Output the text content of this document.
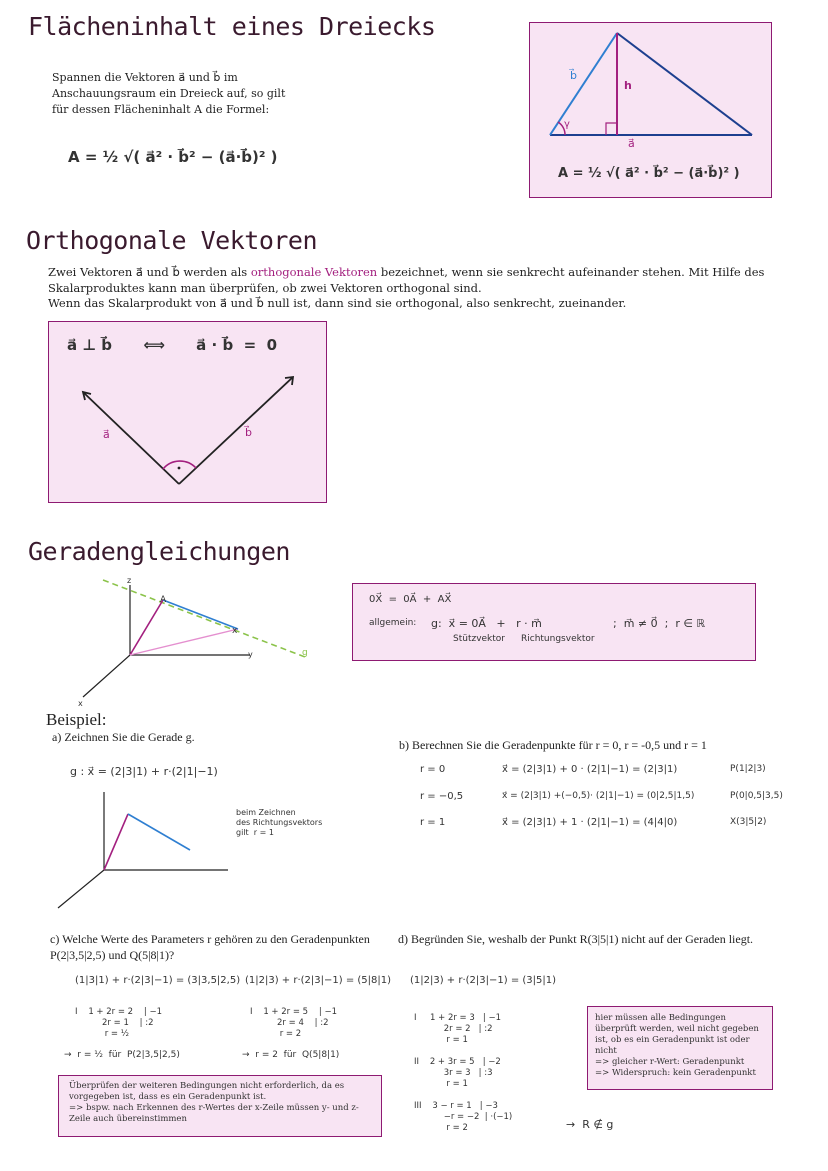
Flächeninhalt eines Dreiecks
Spannen die Vektoren a⃗ und b⃗ im Anschauungsraum ein Dreieck auf, so gilt für dessen Flächeninhalt A die Formel:
A = ½ √( a⃗² · b⃗² − (a⃗·b⃗)² )
h
b⃗
a⃗
γ
A = ½ √( a⃗² · b⃗² − (a⃗·b⃗)² )
Orthogonale Vektoren
Zwei Vektoren a⃗ und b⃗ werden als orthogonale Vektoren bezeichnet, wenn sie senkrecht aufeinander stehen. Mit Hilfe des Skalarproduktes kann man überprüfen, ob zwei Vektoren orthogonal sind.
Wenn das Skalarprodukt von a⃗ und b⃗ null ist, dann sind sie orthogonal, also senkrecht, zueinander.
a⃗ ⊥ b⃗      ⟺      a⃗ · b⃗  =  0
a⃗	b⃗
Geradengleichungen
A
x
g
z
y
x
0X⃗  =  0A⃗  +  AX⃗
allgemein: g:  x⃗ = 0A⃗   +   r · m⃗	;  m⃗ ≠ 0⃗  ;  r ∈ ℝ
Stützvektor Richtungsvektor
Beispiel:
a) Zeichnen Sie die Gerade g.
g : x⃗ = (2|3|1) + r·(2|1|−1)
beim Zeichnen
des Richtungsvektors
gilt  r = 1
b) Berechnen Sie die Geradenpunkte für r = 0, r = -0,5 und r = 1
r = 0	x⃗ = (2|3|1) + 0 · (2|1|−1) = (2|3|1)	P(1|2|3)
r = −0,5	x⃗ = (2|3|1) +(−0,5)· (2|1|−1) = (0|2,5|1,5)	P(0|0,5|3,5)
r = 1	x⃗ = (2|3|1) + 1 · (2|1|−1) = (4|4|0)	X(3|5|2)
c) Welche Werte des Parameters r gehören zu den Geradenpunkten P(2|3,5|2,5) und Q(5|8|1)?
(1|3|1) + r·(2|3|−1) = (3|3,5|2,5)
I    1 + 2r = 2    | −1
2r = 1    | :2
r = ½
→  r = ½  für  P(2|3,5|2,5)
(1|2|3) + r·(2|3|−1) = (5|8|1)
I    1 + 2r = 5    | −1
2r = 4    | :2
r = 2
→  r = 2  für  Q(5|8|1)
Überprüfen der weiteren Bedingungen nicht erforderlich, da es vorgegeben ist, dass es ein Geradenpunkt ist.
=> bspw. nach Erkennen des r-Wertes der x-Zeile müssen y- und z-Zeile auch übereinstimmen
d) Begründen Sie, weshalb der Punkt R(3|5|1) nicht auf der Geraden liegt.
(1|2|3) + r·(2|3|−1) = (3|5|1)
I     1 + 2r = 3   | −1
2r = 2   | :2
r = 1

II    2 + 3r = 5   | −2
3r = 3   | :3
r = 1

III    3 − r = 1   | −3
−r = −2  | ·(−1)
r = 2	→  R ∉ g
hier müssen alle Bedingungen überprüft werden, weil nicht gegeben ist, ob es ein Geradenpunkt ist oder nicht
=> gleicher r-Wert: Geradenpunkt
=> Widerspruch: kein Geradenpunkt
